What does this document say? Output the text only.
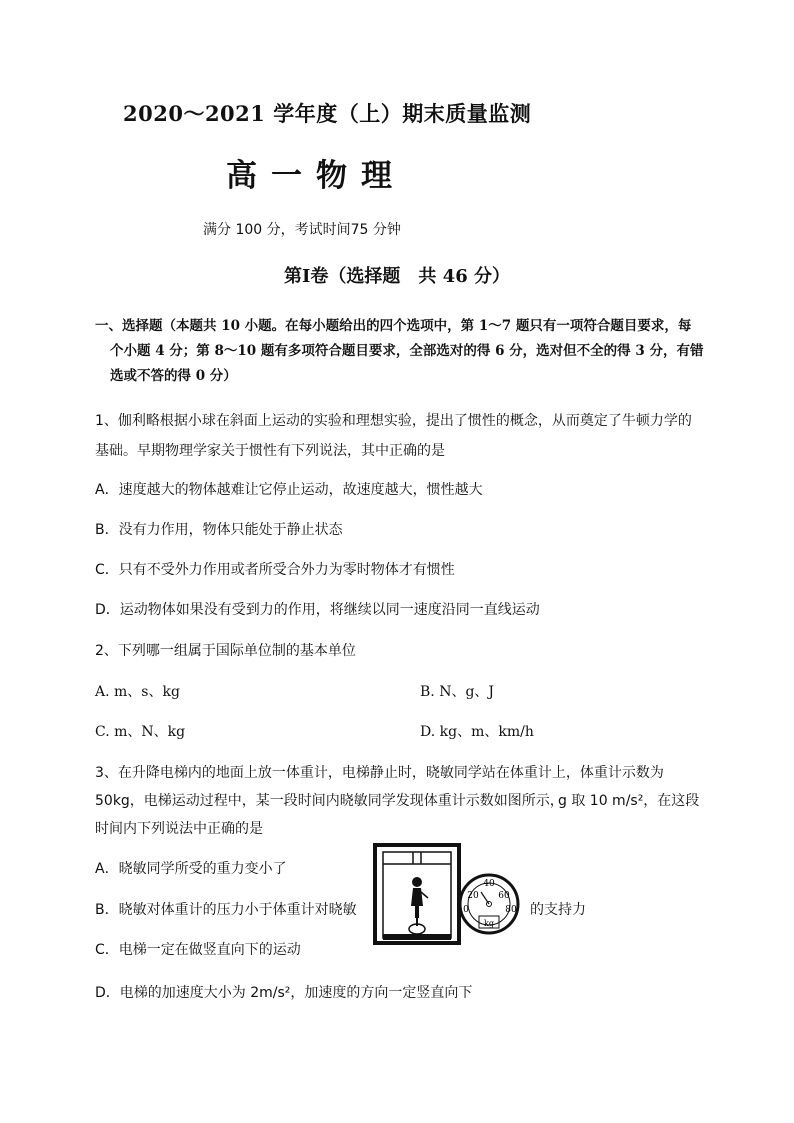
2020～2021 学年度（上）期末质量监测
高一物理
满分 100 分，考试时间75 分钟
第Ⅰ卷（选择题　共 46 分）
一、选择题（本题共 10 小题。在每小题给出的四个选项中，第 1～7 题只有一项符合题目要求，每
个小题 4 分；第 8～10 题有多项符合题目要求，全部选对的得 6 分，选对但不全的得 3 分，有错
选或不答的得 0 分）
1、伽利略根据小球在斜面上运动的实验和理想实验，提出了惯性的概念，从而奠定了牛顿力学的
基础。早期物理学家关于惯性有下列说法，其中正确的是
A．速度越大的物体越难让它停止运动，故速度越大，惯性越大
B．没有力作用，物体只能处于静止状态
C．只有不受外力作用或者所受合外力为零时物体才有惯性
D．运动物体如果没有受到力的作用，将继续以同一速度沿同一直线运动
2、下列哪一组属于国际单位制的基本单位
A. m、s、kg	B. N、g、J
C. m、N、kg	D. kg、m、km/h
3、在升降电梯内的地面上放一体重计，电梯静止时，晓敏同学站在体重计上，体重计示数为
50kg，电梯运动过程中，某一段时间内晓敏同学发现体重计示数如图所示，
g 取 10 m/s²，在这段
时间内下列说法中正确的是
A．晓敏同学所受的重力变小了
B．晓敏对体重计的压力小于体重计对晓敏	的支持力
C．电梯一定在做竖直向下的运动
D．电梯的加速度大小为 2m/s²，加速度的方向一定竖直向下
40
20 60
0	80
kg
